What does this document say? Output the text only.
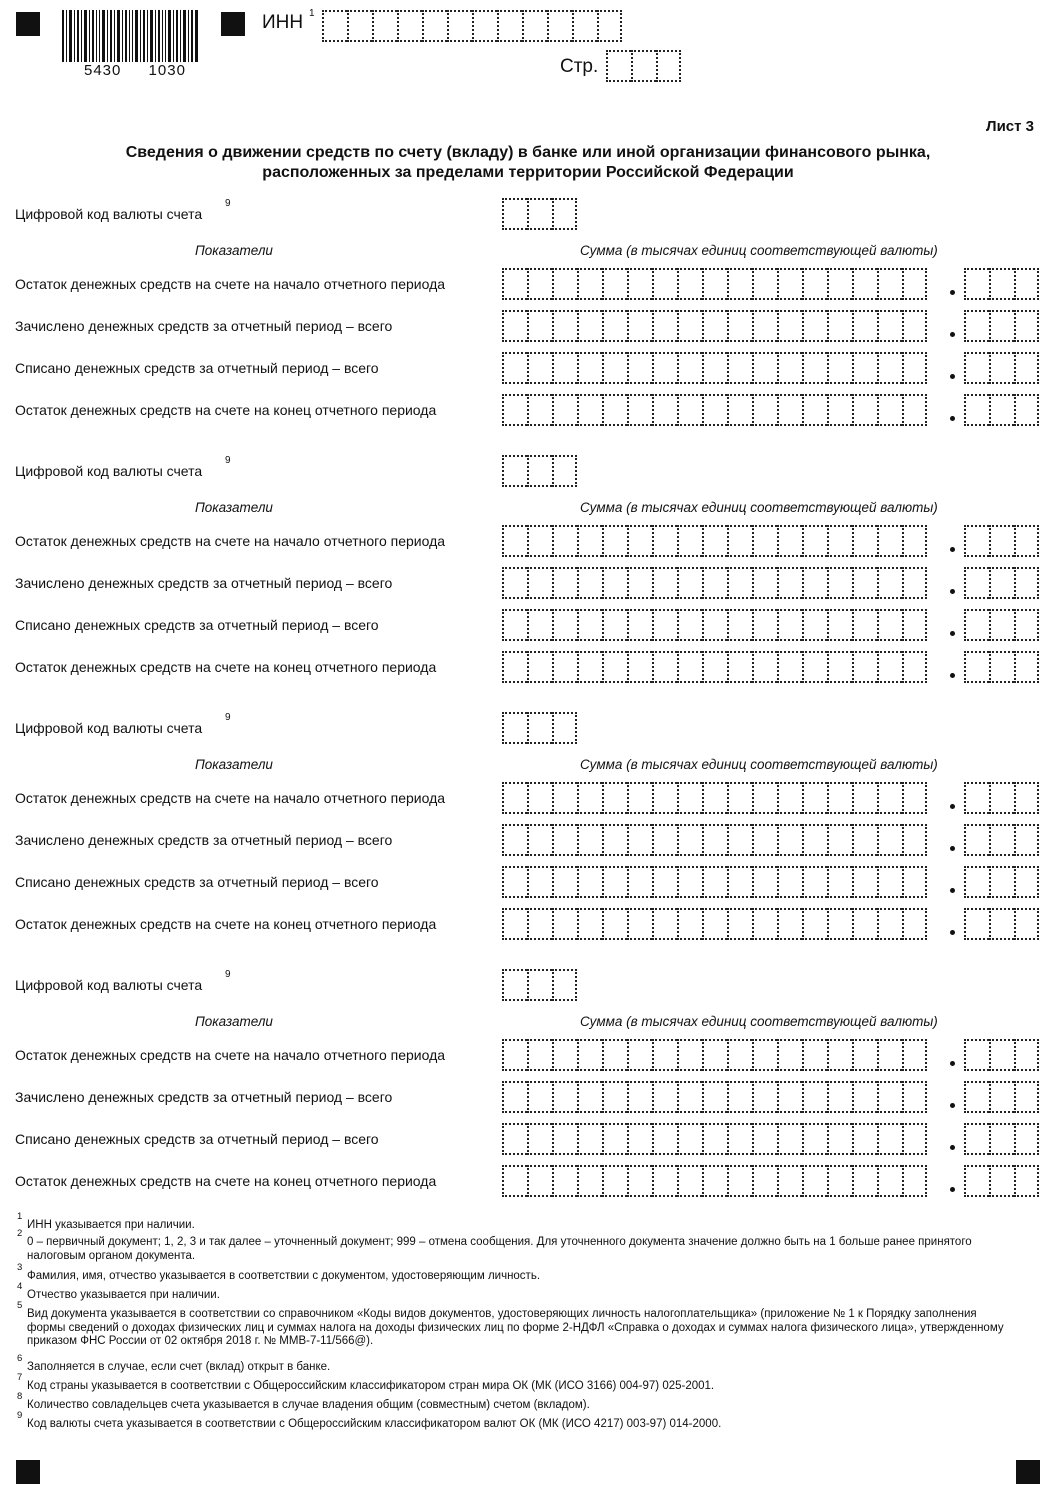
5430 1030
ИНН 1
Стр.
Лист 3
Сведения о движении средств по счету (вкладу) в банке или иной организации финансового рынка,
расположенных за пределами территории Российской Федерации
Цифровой код валюты счета
9
Показатели	Сумма (в тысячах единиц соответствующей валюты)
Остаток денежных средств на счете на начало отчетного периода
Зачислено денежных средств за отчетный период – всего
Списано денежных средств за отчетный период – всего
Остаток денежных средств на счете на конец отчетного периода
Цифровой код валюты счета
9
Показатели	Сумма (в тысячах единиц соответствующей валюты)
Остаток денежных средств на счете на начало отчетного периода
Зачислено денежных средств за отчетный период – всего
Списано денежных средств за отчетный период – всего
Остаток денежных средств на счете на конец отчетного периода
Цифровой код валюты счета
9
Показатели	Сумма (в тысячах единиц соответствующей валюты)
Остаток денежных средств на счете на начало отчетного периода
Зачислено денежных средств за отчетный период – всего
Списано денежных средств за отчетный период – всего
Остаток денежных средств на счете на конец отчетного периода
Цифровой код валюты счета
9
Показатели	Сумма (в тысячах единиц соответствующей валюты)
Остаток денежных средств на счете на начало отчетного периода
Зачислено денежных средств за отчетный период – всего
Списано денежных средств за отчетный период – всего
Остаток денежных средств на счете на конец отчетного периода
1
ИНН указывается при наличии.
2
0 – первичный документ; 1, 2, 3 и так далее – уточненный документ; 999 – отмена сообщения. Для уточненного документа значение должно быть на 1 больше ранее принятого налоговым органом документа.
3
Фамилия, имя, отчество указывается в соответствии с документом, удостоверяющим личность.
4
Отчество указывается при наличии.
5
Вид документа указывается в соответствии со справочником «Коды видов документов, удостоверяющих личность налогоплательщика» (приложение № 1 к Порядку заполнения формы сведений о доходах физических лиц и суммах налога на доходы физических лиц по форме 2-НДФЛ «Справка о доходах и суммах налога физического лица», утвержденному приказом ФНС России от 02 октября 2018 г. № ММВ-7-11/566@).
6
Заполняется в случае, если счет (вклад) открыт в банке.
7
Код страны указывается в соответствии с Общероссийским классификатором стран мира ОК (МК (ИСО 3166) 004-97) 025-2001.
8
Количество совладельцев счета указывается в случае владения общим (совместным) счетом (вкладом).
9
Код валюты счета указывается в соответствии с Общероссийским классификатором валют ОК (МК (ИСО 4217) 003-97) 014-2000.
